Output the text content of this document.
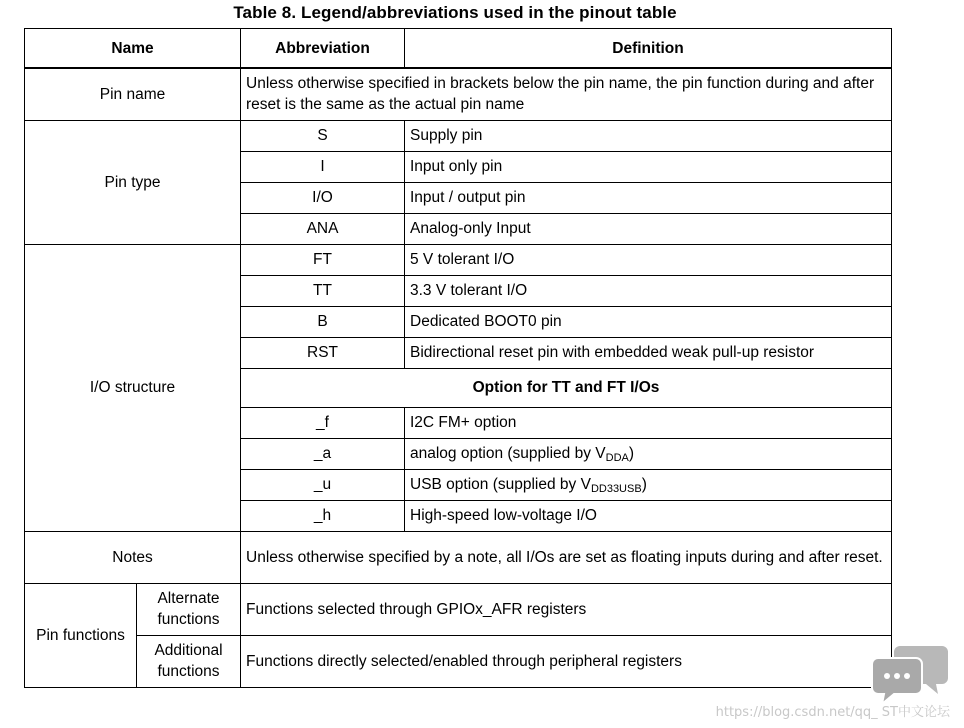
Table 8. Legend/abbreviations used in the pinout table
Name		Abbreviation	Definition
Pin name		Unless otherwise specified in brackets below the pin name, the pin function during and after reset is the same as the actual pin name	
Pin type		S	Supply pin
		I	Input only pin
		I/O	Input / output pin
		ANA	Analog-only Input
I/O structure		FT	5 V tolerant I/O
		TT	3.3 V tolerant I/O
		B	Dedicated BOOT0 pin
		RST	Bidirectional reset pin with embedded weak pull-up resistor
		Option for TT and FT I/Os	
		_f	I2C FM+ option
		_a	analog option (supplied by $V_{DDA}$)
		_u	USB option (supplied by $V_{DD33USB}$)
		_h	High-speed low-voltage I/O
Notes		Unless otherwise specified by a note, all I/Os are set as floating inputs during and after reset.	
Pin functions	Alternate functions	Functions selected through GPIOx_AFR registers	
	Additional functions	Functions directly selected/enabled through peripheral registers	
https://blog.csdn.net/qq_ ST中文论坛
